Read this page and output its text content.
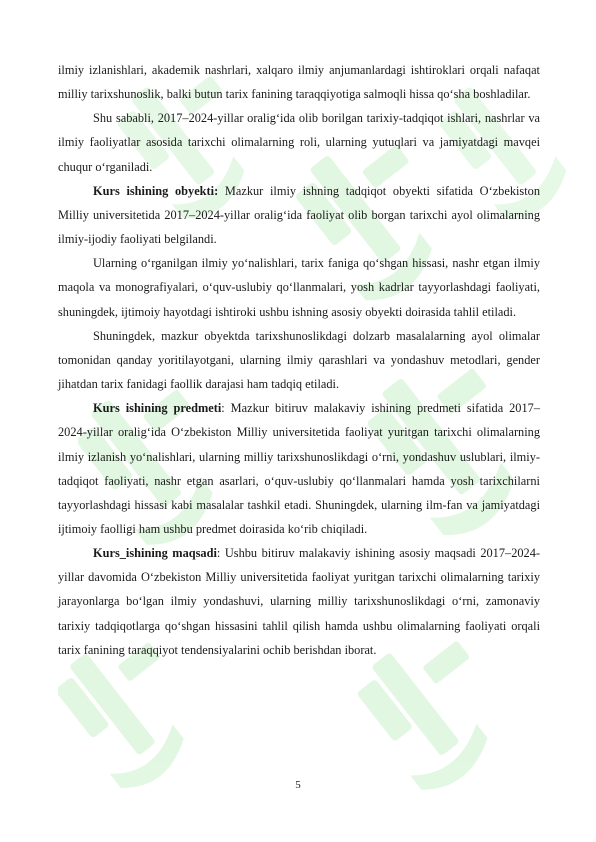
ilmiy izlanishlari, akademik nashrlari, xalqaro ilmiy anjumanlardagi ishtiroklari orqali nafaqat milliy tarixshunoslik, balki butun tarix fanining taraqqiyotiga salmoqli hissa qo‘sha boshladilar.

Shu sababli, 2017–2024-yillar oralig‘ida olib borilgan tarixiy-tadqiqot ishlari, nashrlar va ilmiy faoliyatlar asosida tarixchi olimalarning roli, ularning yutuqlari va jamiyatdagi mavqei chuqur o‘rganiladi.

Kurs ishining obyekti: Mazkur ilmiy ishning tadqiqot obyekti sifatida O‘zbekiston Milliy universitetida 2017–2024-yillar oralig‘ida faoliyat olib borgan tarixchi ayol olimalarning ilmiy-ijodiy faoliyati belgilandi.

Ularning o‘rganilgan ilmiy yo‘nalishlari, tarix faniga qo‘shgan hissasi, nashr etgan ilmiy maqola va monografiyalari, o‘quv-uslubiy qo‘llanmalari, yosh kadrlar tayyorlashdagi faoliyati, shuningdek, ijtimoiy hayotdagi ishtiroki ushbu ishning asosiy obyekti doirasida tahlil etiladi.

Shuningdek, mazkur obyektda tarixshunoslikdagi dolzarb masalalarning ayol olimalar tomonidan qanday yoritilayotgani, ularning ilmiy qarashlari va yondashuv metodlari, gender jihatdan tarix fanidagi faollik darajasi ham tadqiq etiladi.

Kurs ishining predmeti: Mazkur bitiruv malakaviy ishining predmeti sifatida 2017–2024-yillar oralig‘ida O‘zbekiston Milliy universitetida faoliyat yuritgan tarixchi olimalarning ilmiy izlanish yo‘nalishlari, ularning milliy tarixshunoslikdagi o‘rni, yondashuv uslublari, ilmiy-tadqiqot faoliyati, nashr etgan asarlari, o‘quv-uslubiy qo‘llanmalari hamda yosh tarixchilarni tayyorlashdagi hissasi kabi masalalar tashkil etadi. Shuningdek, ularning ilm-fan va jamiyatdagi ijtimoiy faolligi ham ushbu predmet doirasida ko‘rib chiqiladi.

Kurs_ishining maqsadi: Ushbu bitiruv malakaviy ishining asosiy maqsadi 2017–2024-yillar davomida O‘zbekiston Milliy universitetida faoliyat yuritgan tarixchi olimalarning tarixiy jarayonlarga bo‘lgan ilmiy yondashuvi, ularning milliy tarixshunoslikdagi o‘rni, zamonaviy tarixiy tadqiqotlarga qo‘shgan hissasini tahlil qilish hamda ushbu olimalarning faoliyati orqali tarix fanining taraqqiyot tendensiyalarini ochib berishdan iborat.

5
